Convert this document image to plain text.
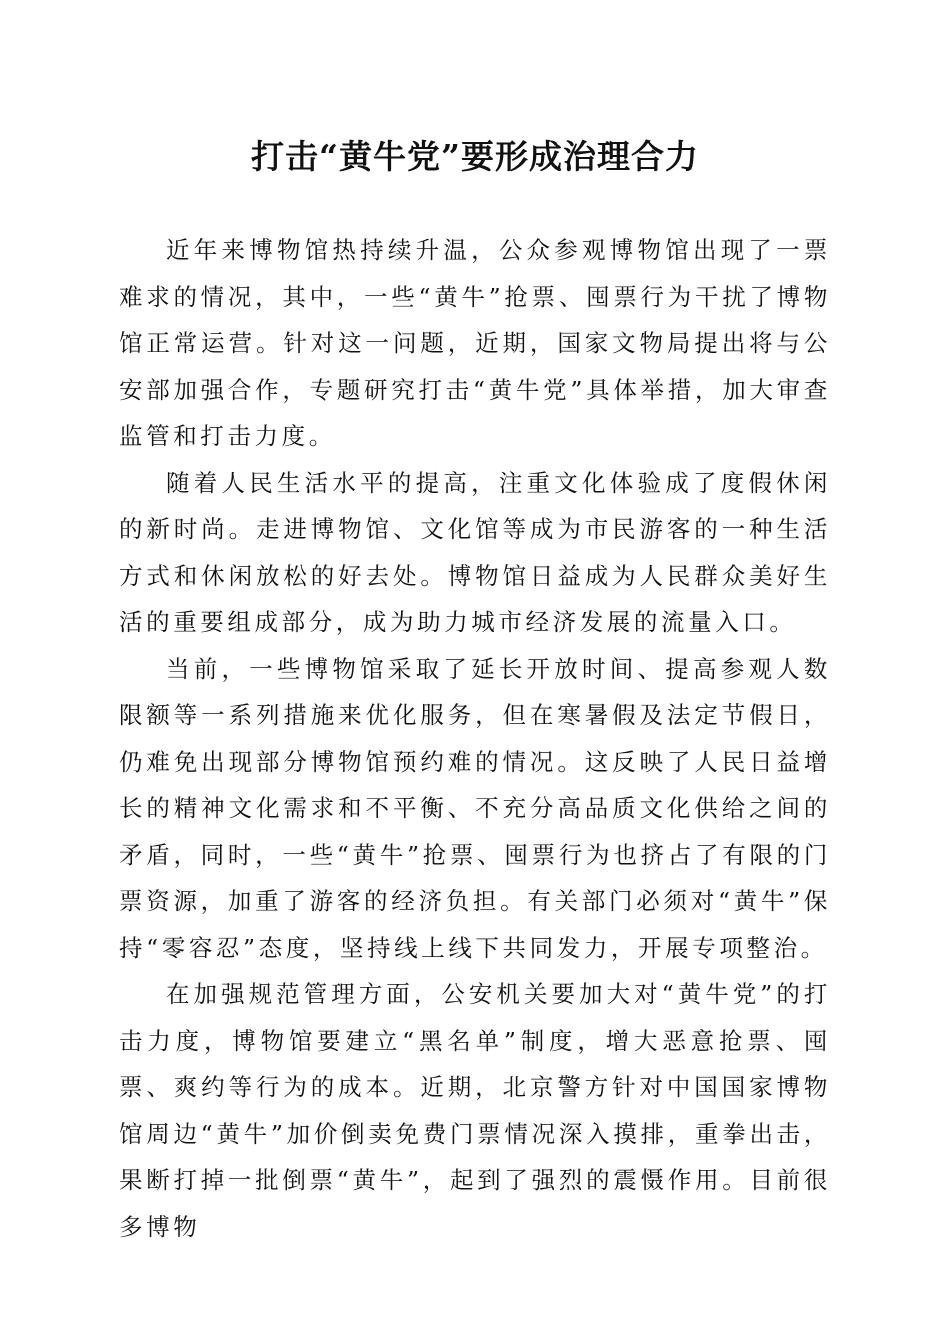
打击“黄牛党”要形成治理合力

近年来博物馆热持续升温，公众参观博物馆出现了一票难求的情况，其中，一些“黄牛”抢票、囤票行为干扰了博物馆正常运营。针对这一问题，近期，国家文物局提出将与公安部加强合作，专题研究打击“黄牛党”具体举措，加大审查监管和打击力度。

随着人民生活水平的提高，注重文化体验成了度假休闲的新时尚。走进博物馆、文化馆等成为市民游客的一种生活方式和休闲放松的好去处。博物馆日益成为人民群众美好生活的重要组成部分，成为助力城市经济发展的流量入口。

当前，一些博物馆采取了延长开放时间、提高参观人数限额等一系列措施来优化服务，但在寒暑假及法定节假日，仍难免出现部分博物馆预约难的情况。这反映了人民日益增长的精神文化需求和不平衡、不充分高品质文化供给之间的矛盾，同时，一些“黄牛”抢票、囤票行为也挤占了有限的门票资源，加重了游客的经济负担。有关部门必须对“黄牛”保持“零容忍”态度，坚持线上线下共同发力，开展专项整治。

在加强规范管理方面，公安机关要加大对“黄牛党”的打击力度，博物馆要建立“黑名单”制度，增大恶意抢票、囤票、爽约等行为的成本。近期，北京警方针对中国国家博物馆周边“黄牛”加价倒卖免费门票情况深入摸排，重拳出击，果断打掉一批倒票“黄牛”，起到了强烈的震慑作用。目前很多博物
